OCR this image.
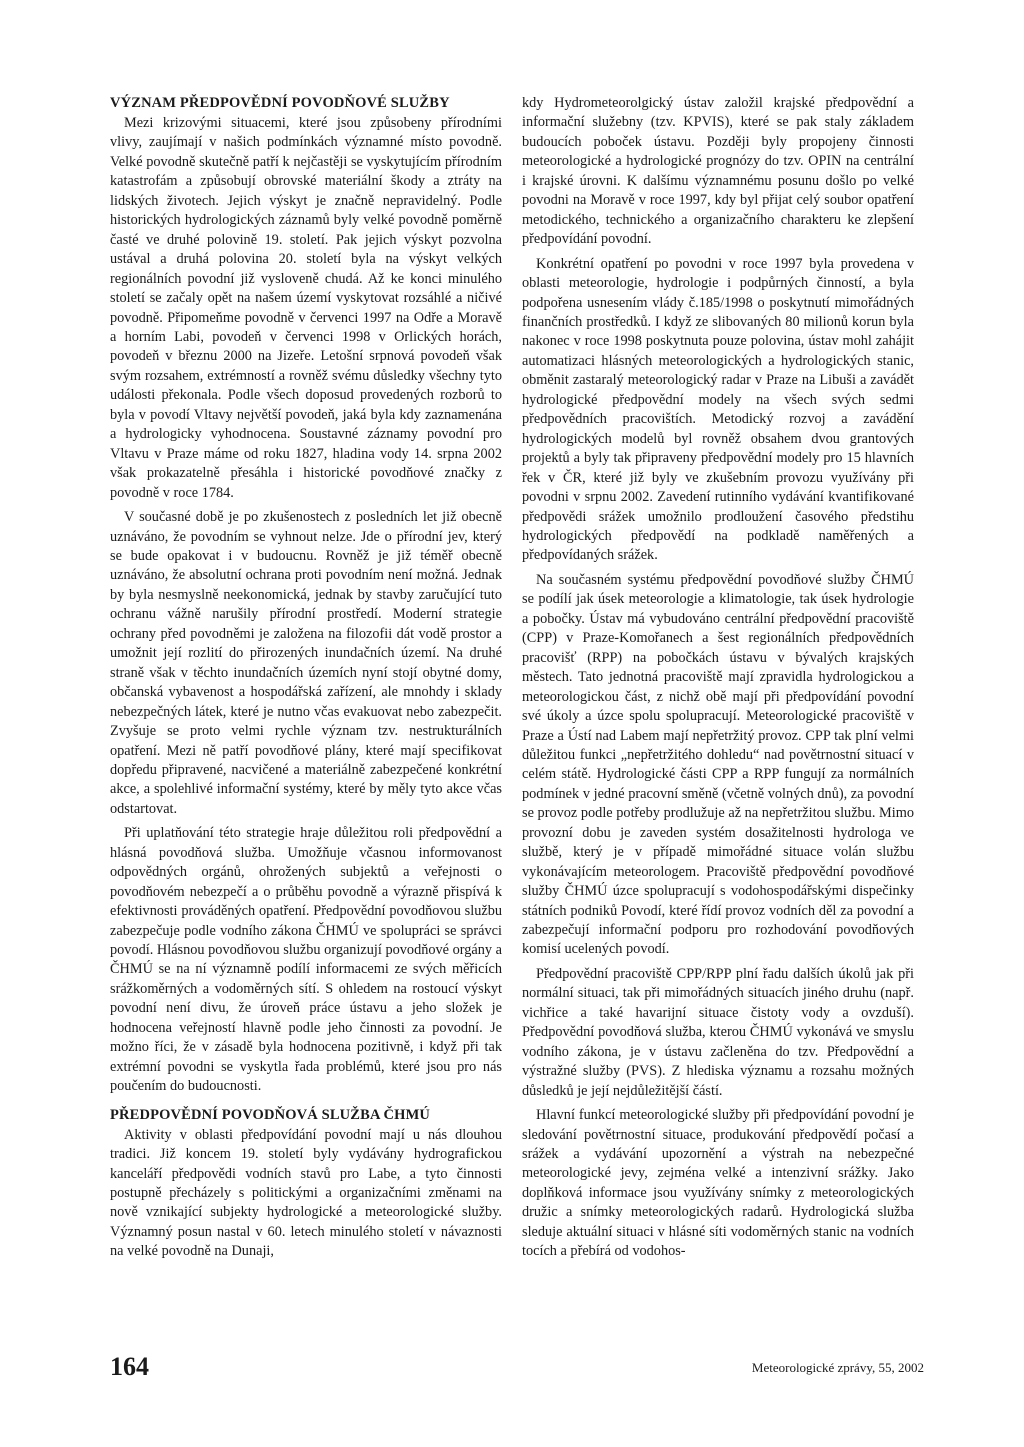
VÝZNAM PŘEDPOVĚDNÍ POVODŇOVÉ SLUŽBY

Mezi krizovými situacemi, které jsou způsobeny přírodními vlivy, zaujímají v našich podmínkách významné místo povodně. Velké povodně skutečně patří k nejčastěji se vyskytujícím přírodním katastrofám a způsobují obrovské materiální škody a ztráty na lidských životech. Jejich výskyt je značně nepravidelný. Podle historických hydrologických záznamů byly velké povodně poměrně časté ve druhé polovině 19. století. Pak jejich výskyt pozvolna ustával a druhá polovina 20. století byla na výskyt velkých regionálních povodní již vysloveně chudá. Až ke konci minulého století se začaly opět na našem území vyskytovat rozsáhlé a ničivé povodně. Připomeňme povodně v červenci 1997 na Odře a Moravě a horním Labi, povodeň v červenci 1998 v Orlických horách, povodeň v březnu 2000 na Jizeře. Letošní srpnová povodeň však svým rozsahem, extrémností a rovněž svému důsledky všechny tyto události překonala. Podle všech doposud provedených rozborů to byla v povodí Vltavy největší povodeň, jaká byla kdy zaznamenána a hydrologicky vyhodnocena. Soustavné záznamy povodní pro Vltavu v Praze máme od roku 1827, hladina vody 14. srpna 2002 však prokazatelně přesáhla i historické povodňové značky z povodně v roce 1784.

V současné době je po zkušenostech z posledních let již obecně uznáváno, že povodním se vyhnout nelze. Jde o přírodní jev, který se bude opakovat i v budoucnu. Rovněž je již téměř obecně uznáváno, že absolutní ochrana proti povodním není možná. Jednak by byla nesmyslně neekonomická, jednak by stavby zaručující tuto ochranu vážně narušily přírodní prostředí. Moderní strategie ochrany před povodněmi je založena na filozofii dát vodě prostor a umožnit její rozlití do přirozených inundačních území. Na druhé straně však v těchto inundačních územích nyní stojí obytné domy, občanská vybavenost a hospodářská zařízení, ale mnohdy i sklady nebezpečných látek, které je nutno včas evakuovat nebo zabezpečit. Zvyšuje se proto velmi rychle význam tzv. nestrukturálních opatření. Mezi ně patří povodňové plány, které mají specifikovat dopředu připravené, nacvičené a materiálně zabezpečené konkrétní akce, a spolehlivé informační systémy, které by měly tyto akce včas odstartovat.

Při uplatňování této strategie hraje důležitou roli předpovědní a hlásná povodňová služba. Umožňuje včasnou informovanost odpovědných orgánů, ohrožených subjektů a veřejnosti o povodňovém nebezpečí a o průběhu povodně a výrazně přispívá k efektivnosti prováděných opatření. Předpovědní povodňovou službu zabezpečuje podle vodního zákona ČHMÚ ve spolupráci se správci povodí. Hlásnou povodňovou službu organizují povodňové orgány a ČHMÚ se na ní významně podílí informacemi ze svých měřicích srážkoměrných a vodoměrných sítí. S ohledem na rostoucí výskyt povodní není divu, že úroveň práce ústavu a jeho složek je hodnocena veřejností hlavně podle jeho činnosti za povodní. Je možno říci, že v zásadě byla hodnocena pozitivně, i když při tak extrémní povodni se vyskytla řada problémů, které jsou pro nás poučením do budoucnosti.

PŘEDPOVĚDNÍ POVODŇOVÁ SLUŽBA ČHMÚ

Aktivity v oblasti předpovídání povodní mají u nás dlouhou tradici. Již koncem 19. století byly vydávány hydrografickou kanceláří předpovědi vodních stavů pro Labe, a tyto činnosti postupně přecházely s politickými a organizačními změnami na nově vznikající subjekty hydrologické a meteorologické služby. Významný posun nastal v 60. letech minulého století v návaznosti na velké povodně na Dunaji,

kdy Hydrometeorolgický ústav založil krajské předpovědní a informační služebny (tzv. KPVIS), které se pak staly základem budoucích poboček ústavu. Později byly propojeny činnosti meteorologické a hydrologické prognózy do tzv. OPIN na centrální i krajské úrovni. K dalšímu významnému posunu došlo po velké povodni na Moravě v roce 1997, kdy byl přijat celý soubor opatření metodického, technického a organizačního charakteru ke zlepšení předpovídání povodní.

Konkrétní opatření po povodni v roce 1997 byla provedena v oblasti meteorologie, hydrologie i podpůrných činností, a byla podpořena usnesením vlády č.185/1998 o poskytnutí mimořádných finančních prostředků. I když ze slibovaných 80 milionů korun byla nakonec v roce 1998 poskytnuta pouze polovina, ústav mohl zahájit automatizaci hlásných meteorologických a hydrologických stanic, obměnit zastaralý meteorologický radar v Praze na Libuši a zavádět hydrologické předpovědní modely na všech svých sedmi předpovědních pracovištích. Metodický rozvoj a zavádění hydrologických modelů byl rovněž obsahem dvou grantových projektů a byly tak připraveny předpovědní modely pro 15 hlavních řek v ČR, které již byly ve zkušebním provozu využívány při povodni v srpnu 2002. Zavedení rutinního vydávání kvantifikované předpovědi srážek umožnilo prodloužení časového předstihu hydrologických předpovědí na podkladě naměřených a předpovídaných srážek.

Na současném systému předpovědní povodňové služby ČHMÚ se podílí jak úsek meteorologie a klimatologie, tak úsek hydrologie a pobočky. Ústav má vybudováno centrální předpovědní pracoviště (CPP) v Praze-Komořanech a šest regionálních předpovědních pracovišť (RPP) na pobočkách ústavu v bývalých krajských městech. Tato jednotná pracoviště mají zpravidla hydrologickou a meteorologickou část, z nichž obě mají při předpovídání povodní své úkoly a úzce spolu spolupracují. Meteorologické pracoviště v Praze a Ústí nad Labem mají nepřetržitý provoz. CPP tak plní velmi důležitou funkci „nepřetržitého dohledu“ nad povětrnostní situací v celém státě. Hydrologické části CPP a RPP fungují za normálních podmínek v jedné pracovní směně (včetně volných dnů), za povodní se provoz podle potřeby prodlužuje až na nepřetržitou službu. Mimo provozní dobu je zaveden systém dosažitelnosti hydrologa ve službě, který je v případě mimořádné situace volán službu vykonávajícím meteorologem. Pracoviště předpovědní povodňové služby ČHMÚ úzce spolupracují s vodohospodářskými dispečinky státních podniků Povodí, které řídí provoz vodních děl za povodní a zabezpečují informační podporu pro rozhodování povodňových komisí ucelených povodí.

Předpovědní pracoviště CPP/RPP plní řadu dalších úkolů jak při normální situaci, tak při mimořádných situacích jiného druhu (např. vichřice a také havarijní situace čistoty vody a ovzduší). Předpovědní povodňová služba, kterou ČHMÚ vykonává ve smyslu vodního zákona, je v ústavu začleněna do tzv. Předpovědní a výstražné služby (PVS). Z hlediska významu a rozsahu možných důsledků je její nejdůležitější částí.

Hlavní funkcí meteorologické služby při předpovídání povodní je sledování povětrnostní situace, produkování předpovědí počasí a srážek a vydávání upozornění a výstrah na nebezpečné meteorologické jevy, zejména velké a intenzivní srážky. Jako doplňková informace jsou využívány snímky z meteorologických družic a snímky meteorologických radarů. Hydrologická služba sleduje aktuální situaci v hlásné síti vodoměrných stanic na vodních tocích a přebírá od vodohos-

164	Meteorologické zprávy, 55, 2002
